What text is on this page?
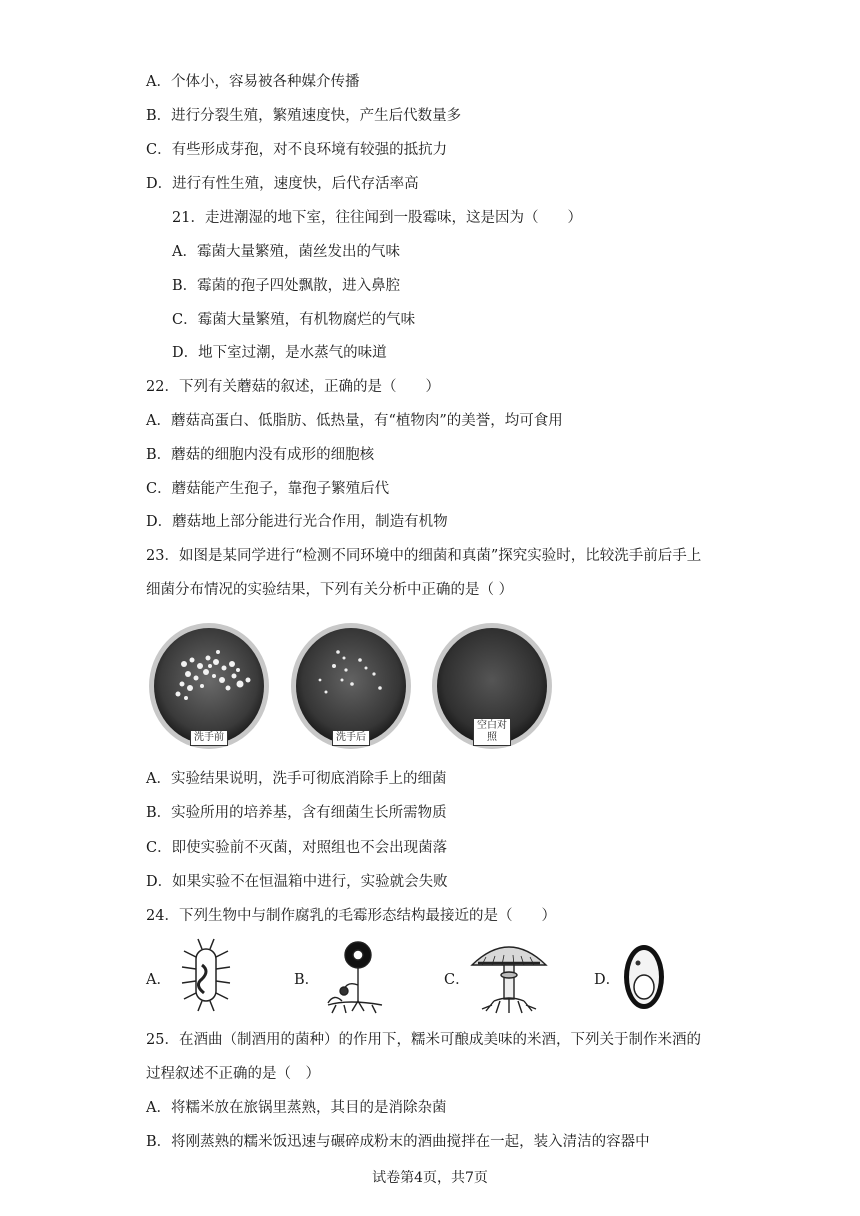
A．个体小，容易被各种媒介传播
B．进行分裂生殖，繁殖速度快，产生后代数量多
C．有些形成芽孢，对不良环境有较强的抵抗力
D．进行有性生殖，速度快，后代存活率高
21．走进潮湿的地下室，往往闻到一股霉味，这是因为（　　）
A．霉菌大量繁殖，菌丝发出的气味
B．霉菌的孢子四处飘散，进入鼻腔
C．霉菌大量繁殖，有机物腐烂的气味
D．地下室过潮，是水蒸气的味道
22．下列有关蘑菇的叙述，正确的是（　　）
A．蘑菇高蛋白、低脂肪、低热量，有“植物肉”的美誉，均可食用
B．蘑菇的细胞内没有成形的细胞核
C．蘑菇能产生孢子，靠孢子繁殖后代
D．蘑菇地上部分能进行光合作用，制造有机物
23．如图是某同学进行“检测不同环境中的细菌和真菌”探究实验时，比较洗手前后手上
细菌分布情况的实验结果，下列有关分析中正确的是（ ）
洗手前	洗手后
空白对照
A．实验结果说明，洗手可彻底消除手上的细菌
B．实验所用的培养基，含有细菌生长所需物质
C．即使实验前不灭菌，对照组也不会出现菌落
D．如果实验不在恒温箱中进行，实验就会失败
24．下列生物中与制作腐乳的毛霉形态结构最接近的是（　　）
A．	B．	C．	D．
25．在酒曲（制酒用的菌种）的作用下，糯米可酿成美味的米酒，下列关于制作米酒的
过程叙述不正确的是（　）
A．将糯米放在旅锅里蒸熟，其目的是消除杂菌
B．将刚蒸熟的糯米饭迅速与碾碎成粉末的酒曲搅拌在一起，装入清洁的容器中
试卷第4页，共7页
